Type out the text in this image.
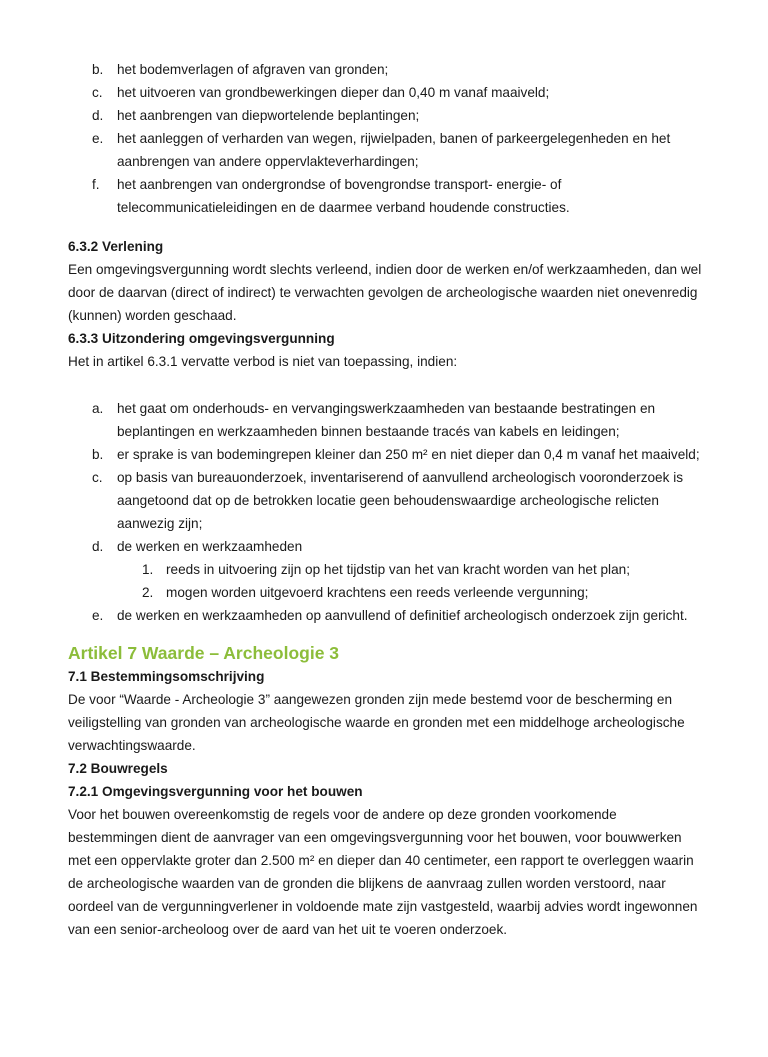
b. het bodemverlagen of afgraven van gronden;
c. het uitvoeren van grondbewerkingen dieper dan 0,40 m vanaf maaiveld;
d. het aanbrengen van diepwortelende beplantingen;
e. het aanleggen of verharden van wegen, rijwielpaden, banen of parkeergelegenheden en het aanbrengen van andere oppervlakteverhardingen;
f. het aanbrengen van ondergrondse of bovengrondse transport- energie- of telecommunicatieleidingen en de daarmee verband houdende constructies.

6.3.2 Verlening

Een omgevingsvergunning wordt slechts verleend, indien door de werken en/of werkzaamheden, dan wel door de daarvan (direct of indirect) te verwachten gevolgen de archeologische waarden niet onevenredig (kunnen) worden geschaad.

6.3.3 Uitzondering omgevingsvergunning

Het in artikel 6.3.1 vervatte verbod is niet van toepassing, indien:

a. het gaat om onderhouds- en vervangingswerkzaamheden van bestaande bestratingen en beplantingen en werkzaamheden binnen bestaande tracés van kabels en leidingen;
b. er sprake is van bodemingrepen kleiner dan 250 m² en niet dieper dan 0,4 m vanaf het maaiveld;
c. op basis van bureauonderzoek, inventariserend of aanvullend archeologisch vooronderzoek is aangetoond dat op de betrokken locatie geen behoudenswaardige archeologische relicten aanwezig zijn;
d. de werken en werkzaamheden
1. reeds in uitvoering zijn op het tijdstip van het van kracht worden van het plan;
2. mogen worden uitgevoerd krachtens een reeds verleende vergunning;
e. de werken en werkzaamheden op aanvullend of definitief archeologisch onderzoek zijn gericht.
Artikel 7 Waarde – Archeologie 3

7.1 Bestemmingsomschrijving

De voor “Waarde - Archeologie 3” aangewezen gronden zijn mede bestemd voor de bescherming en veiligstelling van gronden van archeologische waarde en gronden met een middelhoge archeologische verwachtingswaarde.

7.2 Bouwregels

7.2.1 Omgevingsvergunning voor het bouwen

Voor het bouwen overeenkomstig de regels voor de andere op deze gronden voorkomende bestemmingen dient de aanvrager van een omgevingsvergunning voor het bouwen, voor bouwwerken met een oppervlakte groter dan 2.500 m² en dieper dan 40 centimeter, een rapport te overleggen waarin de archeologische waarden van de gronden die blijkens de aanvraag zullen worden verstoord, naar oordeel van de vergunningverlener in voldoende mate zijn vastgesteld, waarbij advies wordt ingewonnen van een senior-archeoloog over de aard van het uit te voeren onderzoek.
